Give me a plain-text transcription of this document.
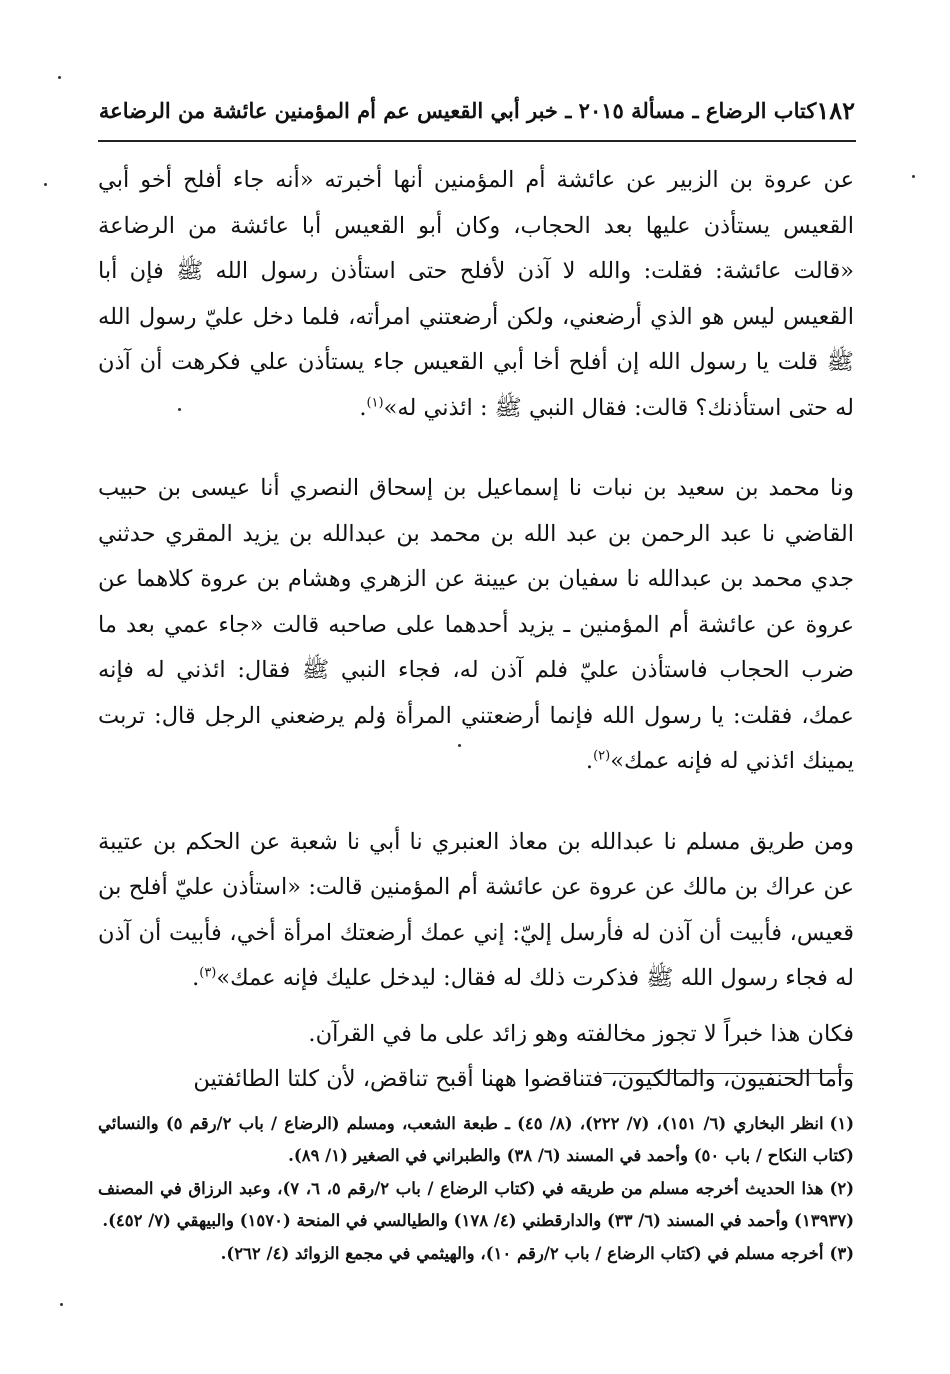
١٨٢
كتاب الرضاع ـ مسألة ٢٠١٥ ـ خبر أبي القعيس عم أم المؤمنين عائشة من الرضاعة

عن عروة بن الزبير عن عائشة أم المؤمنين أنها أخبرته «أنه جاء أفلح أخو أبي القعيس يستأذن عليها بعد الحجاب، وكان أبو القعيس أبا عائشة من الرضاعة «قالت عائشة: فقلت: والله لا آذن لأفلح حتى استأذن رسول الله ﷺ فإن أبا القعيس ليس هو الذي أرضعني، ولكن أرضعتني امرأته، فلما دخل عليّ رسول الله ﷺ قلت يا رسول الله إن أفلح أخا أبي القعيس جاء يستأذن علي فكرهت أن آذن له حتى استأذنك؟ قالت: فقال النبي ﷺ : ائذني له»$^{(١)}$.

ونا محمد بن سعيد بن نبات نا إسماعيل بن إسحاق النصري أنا عيسى بن حبيب القاضي نا عبد الرحمن بن عبد الله بن محمد بن عبدالله بن يزيد المقري حدثني جدي محمد بن عبدالله نا سفيان بن عيينة عن الزهري وهشام بن عروة كلاهما عن عروة عن عائشة أم المؤمنين ـ يزيد أحدهما على صاحبه قالت «جاء عمي بعد ما ضرب الحجاب فاستأذن عليّ فلم آذن له، فجاء النبي ﷺ فقال: ائذني له فإنه عمك، فقلت: يا رسول الله فإنما أرضعتني المرأة ولم يرضعني الرجل قال: تربت يمينك ائذني له فإنه عمك»$^{(٢)}$.

ومن طريق مسلم نا عبدالله بن معاذ العنبري نا أبي نا شعبة عن الحكم بن عتيبة عن عراك بن مالك عن عروة عن عائشة أم المؤمنين قالت: «استأذن عليّ أفلح بن قعيس، فأبيت أن آذن له فأرسل إليّ: إني عمك أرضعتك امرأة أخي، فأبيت أن آذن له فجاء رسول الله ﷺ فذكرت ذلك له فقال: ليدخل عليك فإنه عمك»$^{(٣)}$.

فكان هذا خبراً لا تجوز مخالفته وهو زائد على ما في القرآن.

وأما الحنفيون، والمالكيون، فتناقضوا ههنا أقبح تناقض، لأن كلتا الطائفتين

(١)انظر البخاري (٦/ ١٥١)، (٧/ ٢٢٢)، (٨/ ٤٥) ـ طبعة الشعب، ومسلم (الرضاع / باب ٢/رقم ٥) والنسائي (كتاب النكاح / باب ٥٠) وأحمد في المسند (٦/ ٣٨) والطبراني في الصغير (١/ ٨٩).

(٢)هذا الحديث أخرجه مسلم من طريقه في (كتاب الرضاع / باب ٢/رقم ٥، ٦، ٧)، وعبد الرزاق في المصنف (١٣٩٣٧) وأحمد في المسند (٦/ ٣٣) والدارقطني (٤/ ١٧٨) والطيالسي في المنحة (١٥٧٠) والبيهقي (٧/ ٤٥٢).

(٣)أخرجه مسلم في (كتاب الرضاع / باب ٢/رقم ١٠)، والهيثمي في مجمع الزوائد (٤/ ٢٦٢).
